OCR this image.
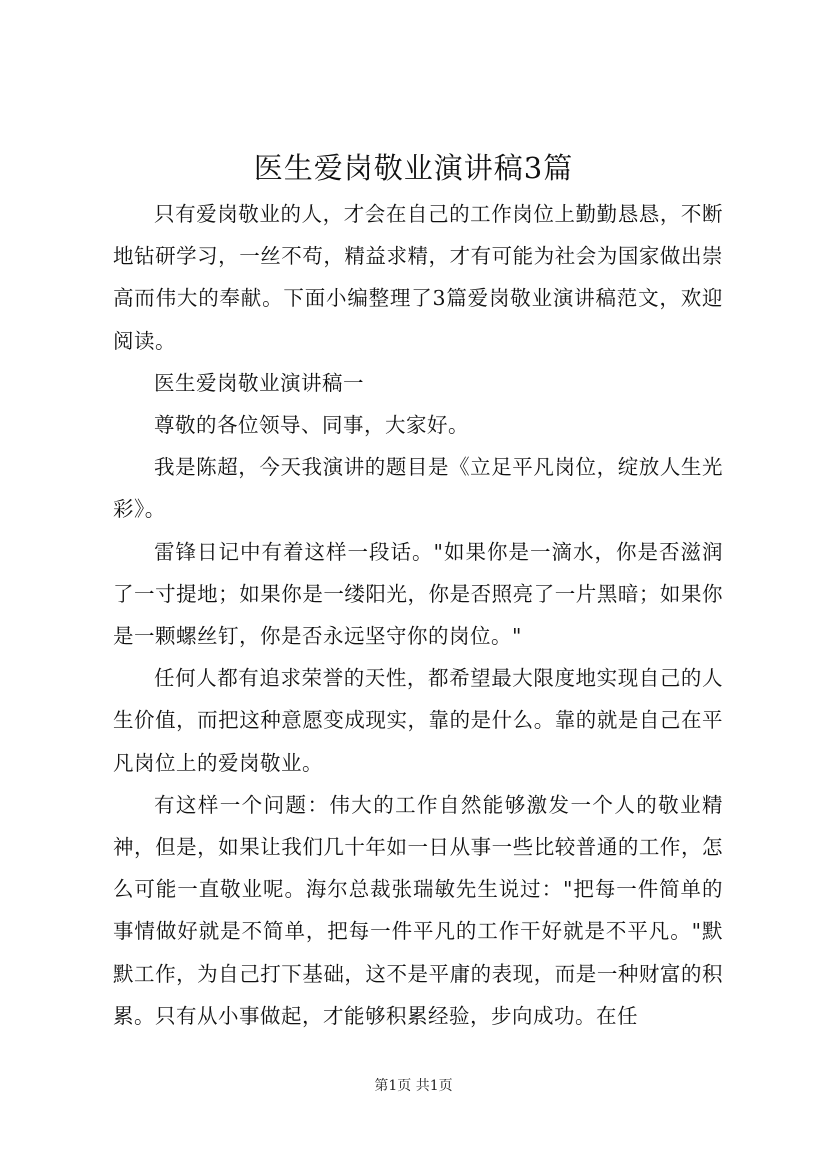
医生爱岗敬业演讲稿3篇

只有爱岗敬业的人，才会在自己的工作岗位上勤勤恳恳，不断地钻研学习，一丝不苟，精益求精，才有可能为社会为国家做出崇高而伟大的奉献。下面小编整理了3篇爱岗敬业演讲稿范文，欢迎阅读。

医生爱岗敬业演讲稿一

尊敬的各位领导、同事，大家好。

我是陈超，今天我演讲的题目是《立足平凡岗位，绽放人生光彩》。

雷锋日记中有着这样一段话。"如果你是一滴水，你是否滋润了一寸提地；如果你是一缕阳光，你是否照亮了一片黑暗；如果你是一颗螺丝钉，你是否永远坚守你的岗位。"

任何人都有追求荣誉的天性，都希望最大限度地实现自己的人生价值，而把这种意愿变成现实，靠的是什么。靠的就是自己在平凡岗位上的爱岗敬业。

有这样一个问题：伟大的工作自然能够激发一个人的敬业精神，但是，如果让我们几十年如一日从事一些比较普通的工作，怎么可能一直敬业呢。海尔总裁张瑞敏先生说过："把每一件简单的事情做好就是不简单，把每一件平凡的工作干好就是不平凡。"默默工作，为自己打下基础，这不是平庸的表现，而是一种财富的积累。只有从小事做起，才能够积累经验，步向成功。在任

第1页 共1页
